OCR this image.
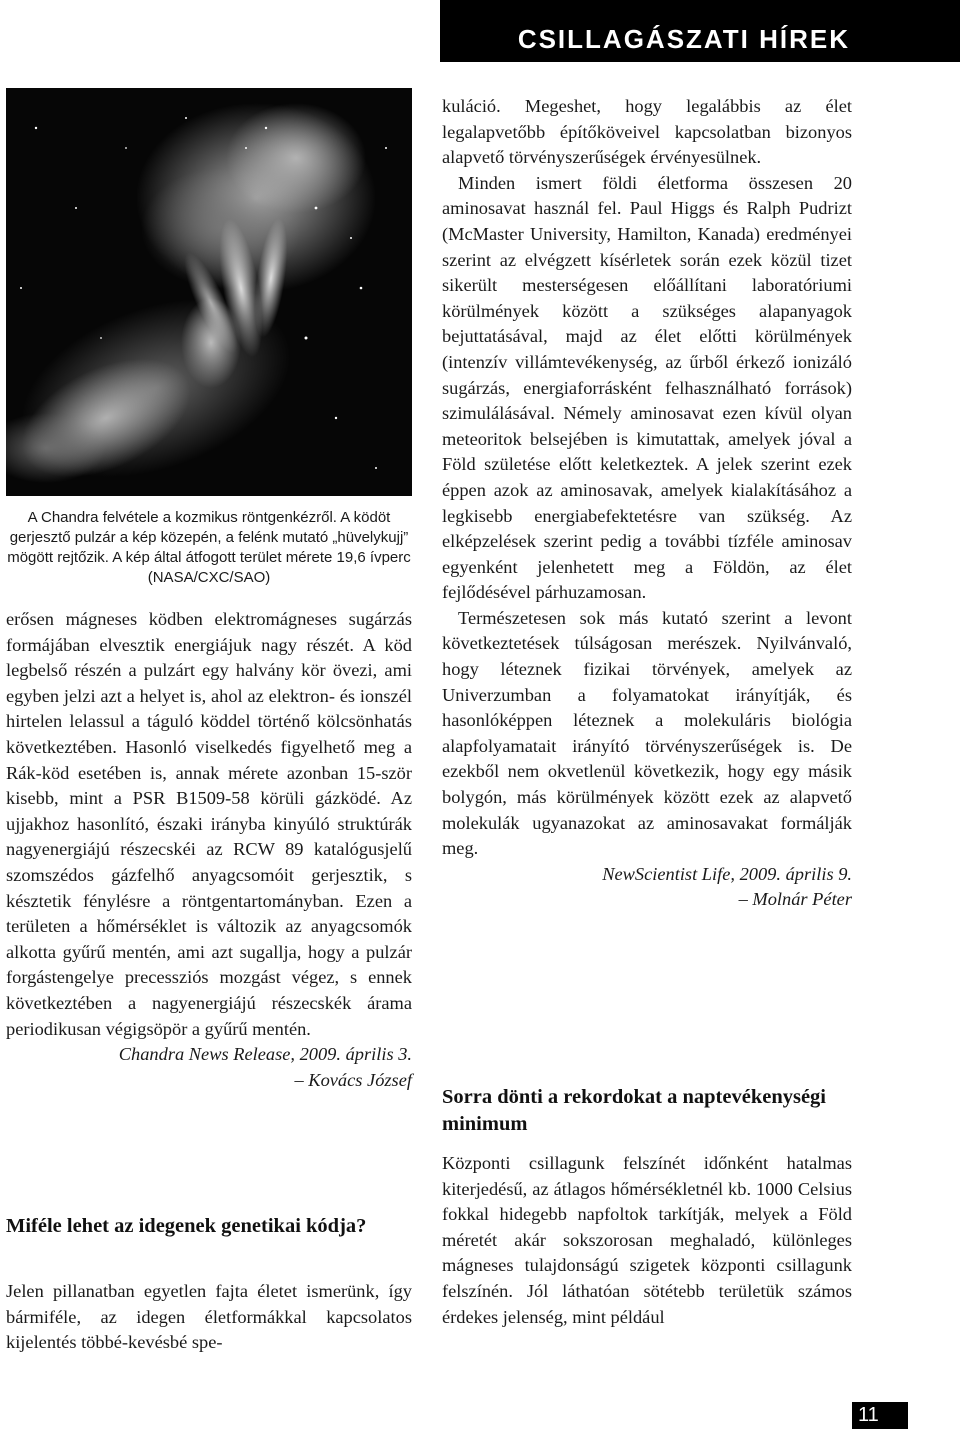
CSILLAGÁSZATI HÍREK
A Chandra felvétele a kozmikus röntgenkézről. A ködöt gerjesztő pulzár a kép közepén, a felénk mutató „hüvelykujj” mögött rejtőzik. A kép által átfogott terület mérete 19,6 ívperc (NASA/CXC/SAO)

erősen mágneses ködben elektromágneses sugárzás formájában elvesztik energiájuk nagy részét. A köd legbelső részén a pulzárt egy halvány kör övezi, ami egyben jelzi azt a helyet is, ahol az elektron- és ionszél hirtelen lelassul a táguló köddel történő kölcsönhatás következtében. Hasonló viselkedés figyelhető meg a Rák-köd esetében is, annak mérete azonban 15-ször kisebb, mint a PSR B1509-58 körüli gázködé. Az ujjakhoz hasonlító, északi irányba kinyúló struktúrák nagyenergiájú részecskéi az RCW 89 katalógusjelű szomszédos gázfelhő anyagcsomóit gerjesztik, s késztetik fénylésre a röntgentartományban. Ezen a területen a hőmérséklet is változik az anyagcsomók alkotta gyűrű mentén, ami azt sugallja, hogy a pulzár forgástengelye precessziós mozgást végez, s ennek következtében a nagyenergiájú részecskék árama periodikusan végigsöpör a gyűrű mentén.

Chandra News Release, 2009. április 3.

– Kovács József

Miféle lehet az idegenek genetikai kódja?

Jelen pillanatban egyetlen fajta életet ismerünk, így bármiféle, az idegen életformákkal kapcsolatos kijelentés többé-kevésbé spe-

kuláció. Megeshet, hogy legalábbis az élet legalapvetőbb építőköveivel kapcsolatban bizonyos alapvető törvényszerűségek érvényesülnek.

Minden ismert földi életforma összesen 20 aminosavat használ fel. Paul Higgs és Ralph Pudrizt (McMaster University, Hamilton, Kanada) eredményei szerint az elvégzett kísérletek során ezek közül tizet sikerült mesterségesen előállítani laboratóriumi körülmények között a szükséges alapanyagok bejuttatásával, majd az élet előtti körülmények (intenzív villámtevékenység, az űrből érkező ionizáló sugárzás, energiaforrásként felhasználható források) szimulálásával. Némely aminosavat ezen kívül olyan meteoritok belsejében is kimutattak, amelyek jóval a Föld születése előtt keletkeztek. A jelek szerint ezek éppen azok az aminosavak, amelyek kialakításához a legkisebb energiabefektetésre van szükség. Az elképzelések szerint pedig a további tízféle aminosav egyenként jelenhetett meg a Földön, az élet fejlődésével párhuzamosan.

Természetesen sok más kutató szerint a levont következtetések túlságosan merészek. Nyilvánvaló, hogy léteznek fizikai törvények, amelyek az Univerzumban a folyamatokat irányítják, és hasonlóképpen léteznek a molekuláris biológia alapfolyamatait irányító törvényszerűségek is. De ezekből nem okvetlenül következik, hogy egy másik bolygón, más körülmények között ezek az alapvető molekulák ugyanazokat az aminosavakat formálják meg.

NewScientist Life, 2009. április 9.

– Molnár Péter

Sorra dönti a rekordokat a naptevékenységi minimum

Központi csillagunk felszínét időnként hatalmas kiterjedésű, az átlagos hőmérsékletnél kb. 1000 Celsius fokkal hidegebb napfoltok tarkítják, melyek a Föld méretét akár sokszorosan meghaladó, különleges mágneses tulajdonságú szigetek központi csillagunk felszínén. Jól láthatóan sötétebb területük számos érdekes jelenség, mint például

11
